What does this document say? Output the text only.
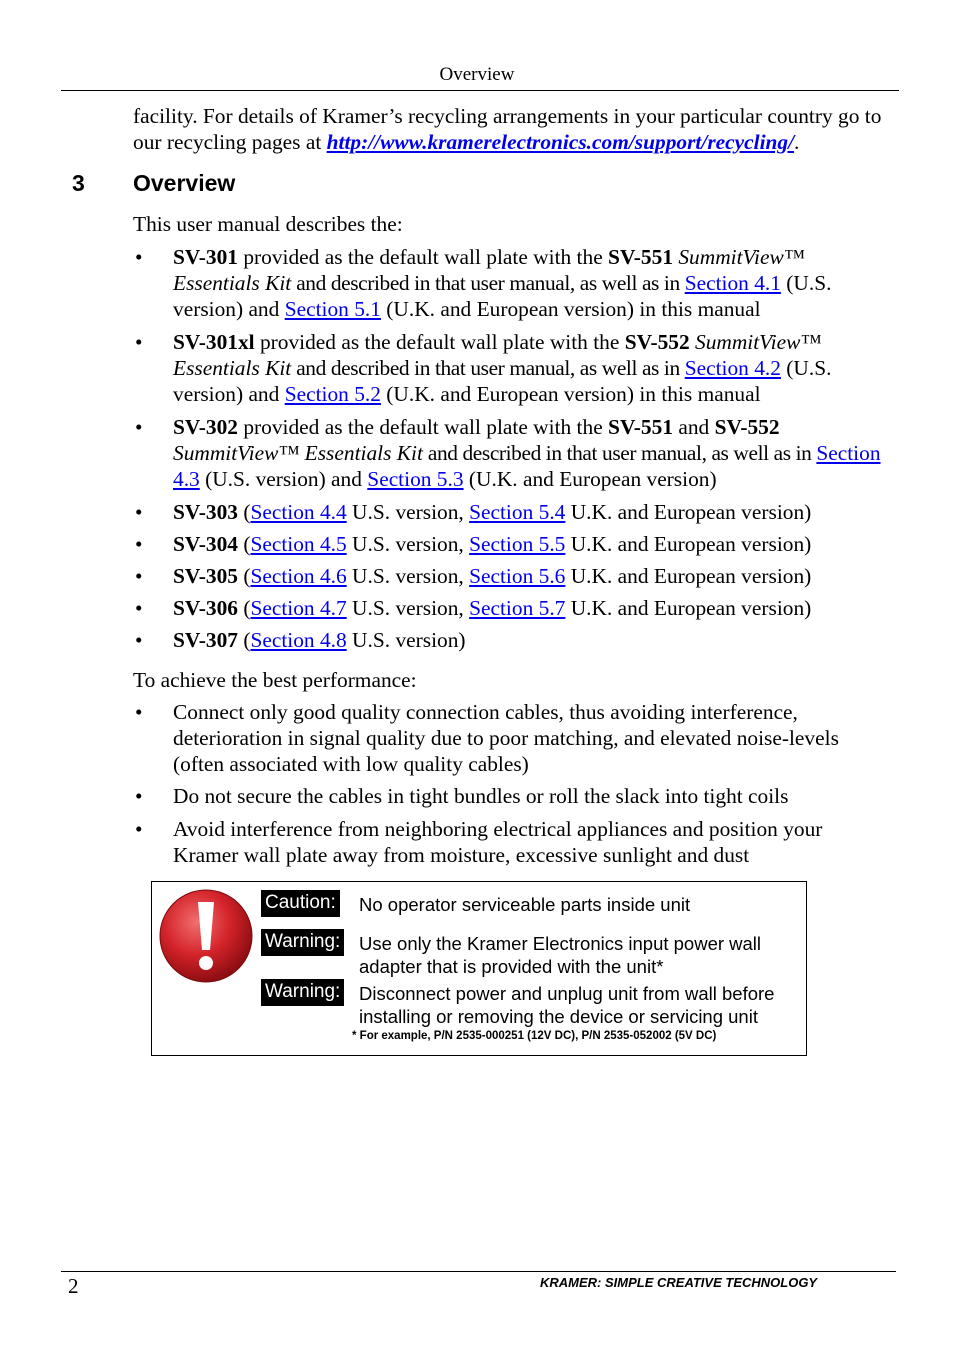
Overview
facility. For details of Kramer’s recycling arrangements in your particular country go to our recycling pages at http://www.kramerelectronics.com/support/recycling/.
3 Overview
This user manual describes the:
• SV-301 provided as the default wall plate with the SV-551 SummitView™ Essentials Kit and described in that user manual, as well as in Section 4.1 (U.S. version) and Section 5.1 (U.K. and European version) in this manual
• SV-301xl provided as the default wall plate with the SV-552 SummitView™ Essentials Kit and described in that user manual, as well as in Section 4.2 (U.S. version) and Section 5.2 (U.K. and European version) in this manual
• SV-302 provided as the default wall plate with the SV-551 and SV-552 SummitView™ Essentials Kit and described in that user manual, as well as in Section 4.3 (U.S. version) and Section 5.3 (U.K. and European version)
• SV-303 (Section 4.4 U.S. version, Section 5.4 U.K. and European version)
• SV-304 (Section 4.5 U.S. version, Section 5.5 U.K. and European version)
• SV-305 (Section 4.6 U.S. version, Section 5.6 U.K. and European version)
• SV-306 (Section 4.7 U.S. version, Section 5.7 U.K. and European version)
• SV-307 (Section 4.8 U.S. version)
To achieve the best performance:
• Connect only good quality connection cables, thus avoiding interference, deterioration in signal quality due to poor matching, and elevated noise-levels (often associated with low quality cables)
• Do not secure the cables in tight bundles or roll the slack into tight coils
• Avoid interference from neighboring electrical appliances and position your Kramer wall plate away from moisture, excessive sunlight and dust
Caution: No operator serviceable parts inside unit
Warning: Use only the Kramer Electronics input power wall adapter that is provided with the unit*
Warning: Disconnect power and unplug unit from wall before installing or removing the device or servicing unit
* For example, P/N 2535-000251 (12V DC), P/N 2535-052002 (5V DC)
2	KRAMER: SIMPLE CREATIVE TECHNOLOGY
